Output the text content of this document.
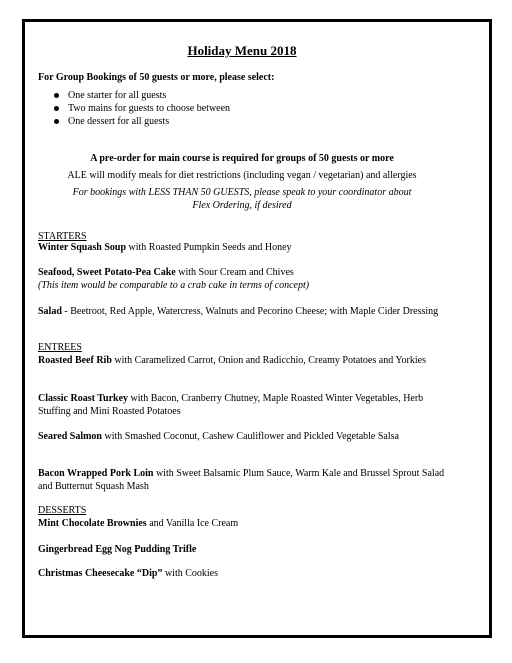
Holiday Menu 2018
For Group Bookings of 50 guests or more, please select:
One starter for all guests
Two mains for guests to choose between
One dessert for all guests
A pre-order for main course is required for groups of 50 guests or more
ALE will modify meals for diet restrictions (including vegan / vegetarian) and allergies
For bookings with LESS THAN 50 GUESTS, please speak to your coordinator about
Flex Ordering, if desired
STARTERS
Winter Squash Soup with Roasted Pumpkin Seeds and Honey
Seafood, Sweet Potato-Pea Cake with Sour Cream and Chives
(This item would be comparable to a crab cake in terms of concept)
Salad - Beetroot, Red Apple, Watercress, Walnuts and Pecorino Cheese; with Maple Cider Dressing
ENTREES
Roasted Beef Rib with Caramelized Carrot, Onion and Radicchio, Creamy Potatoes and Yorkies
Classic Roast Turkey with Bacon, Cranberry Chutney, Maple Roasted Winter Vegetables, Herb Stuffing and Mini Roasted Potatoes
Seared Salmon with Smashed Coconut, Cashew Cauliflower and Pickled Vegetable Salsa
Bacon Wrapped Pork Loin with Sweet Balsamic Plum Sauce, Warm Kale and Brussel Sprout Salad and Butternut Squash Mash
DESSERTS
Mint Chocolate Brownies and Vanilla Ice Cream
Gingerbread Egg Nog Pudding Trifle
Christmas Cheesecake “Dip” with Cookies
